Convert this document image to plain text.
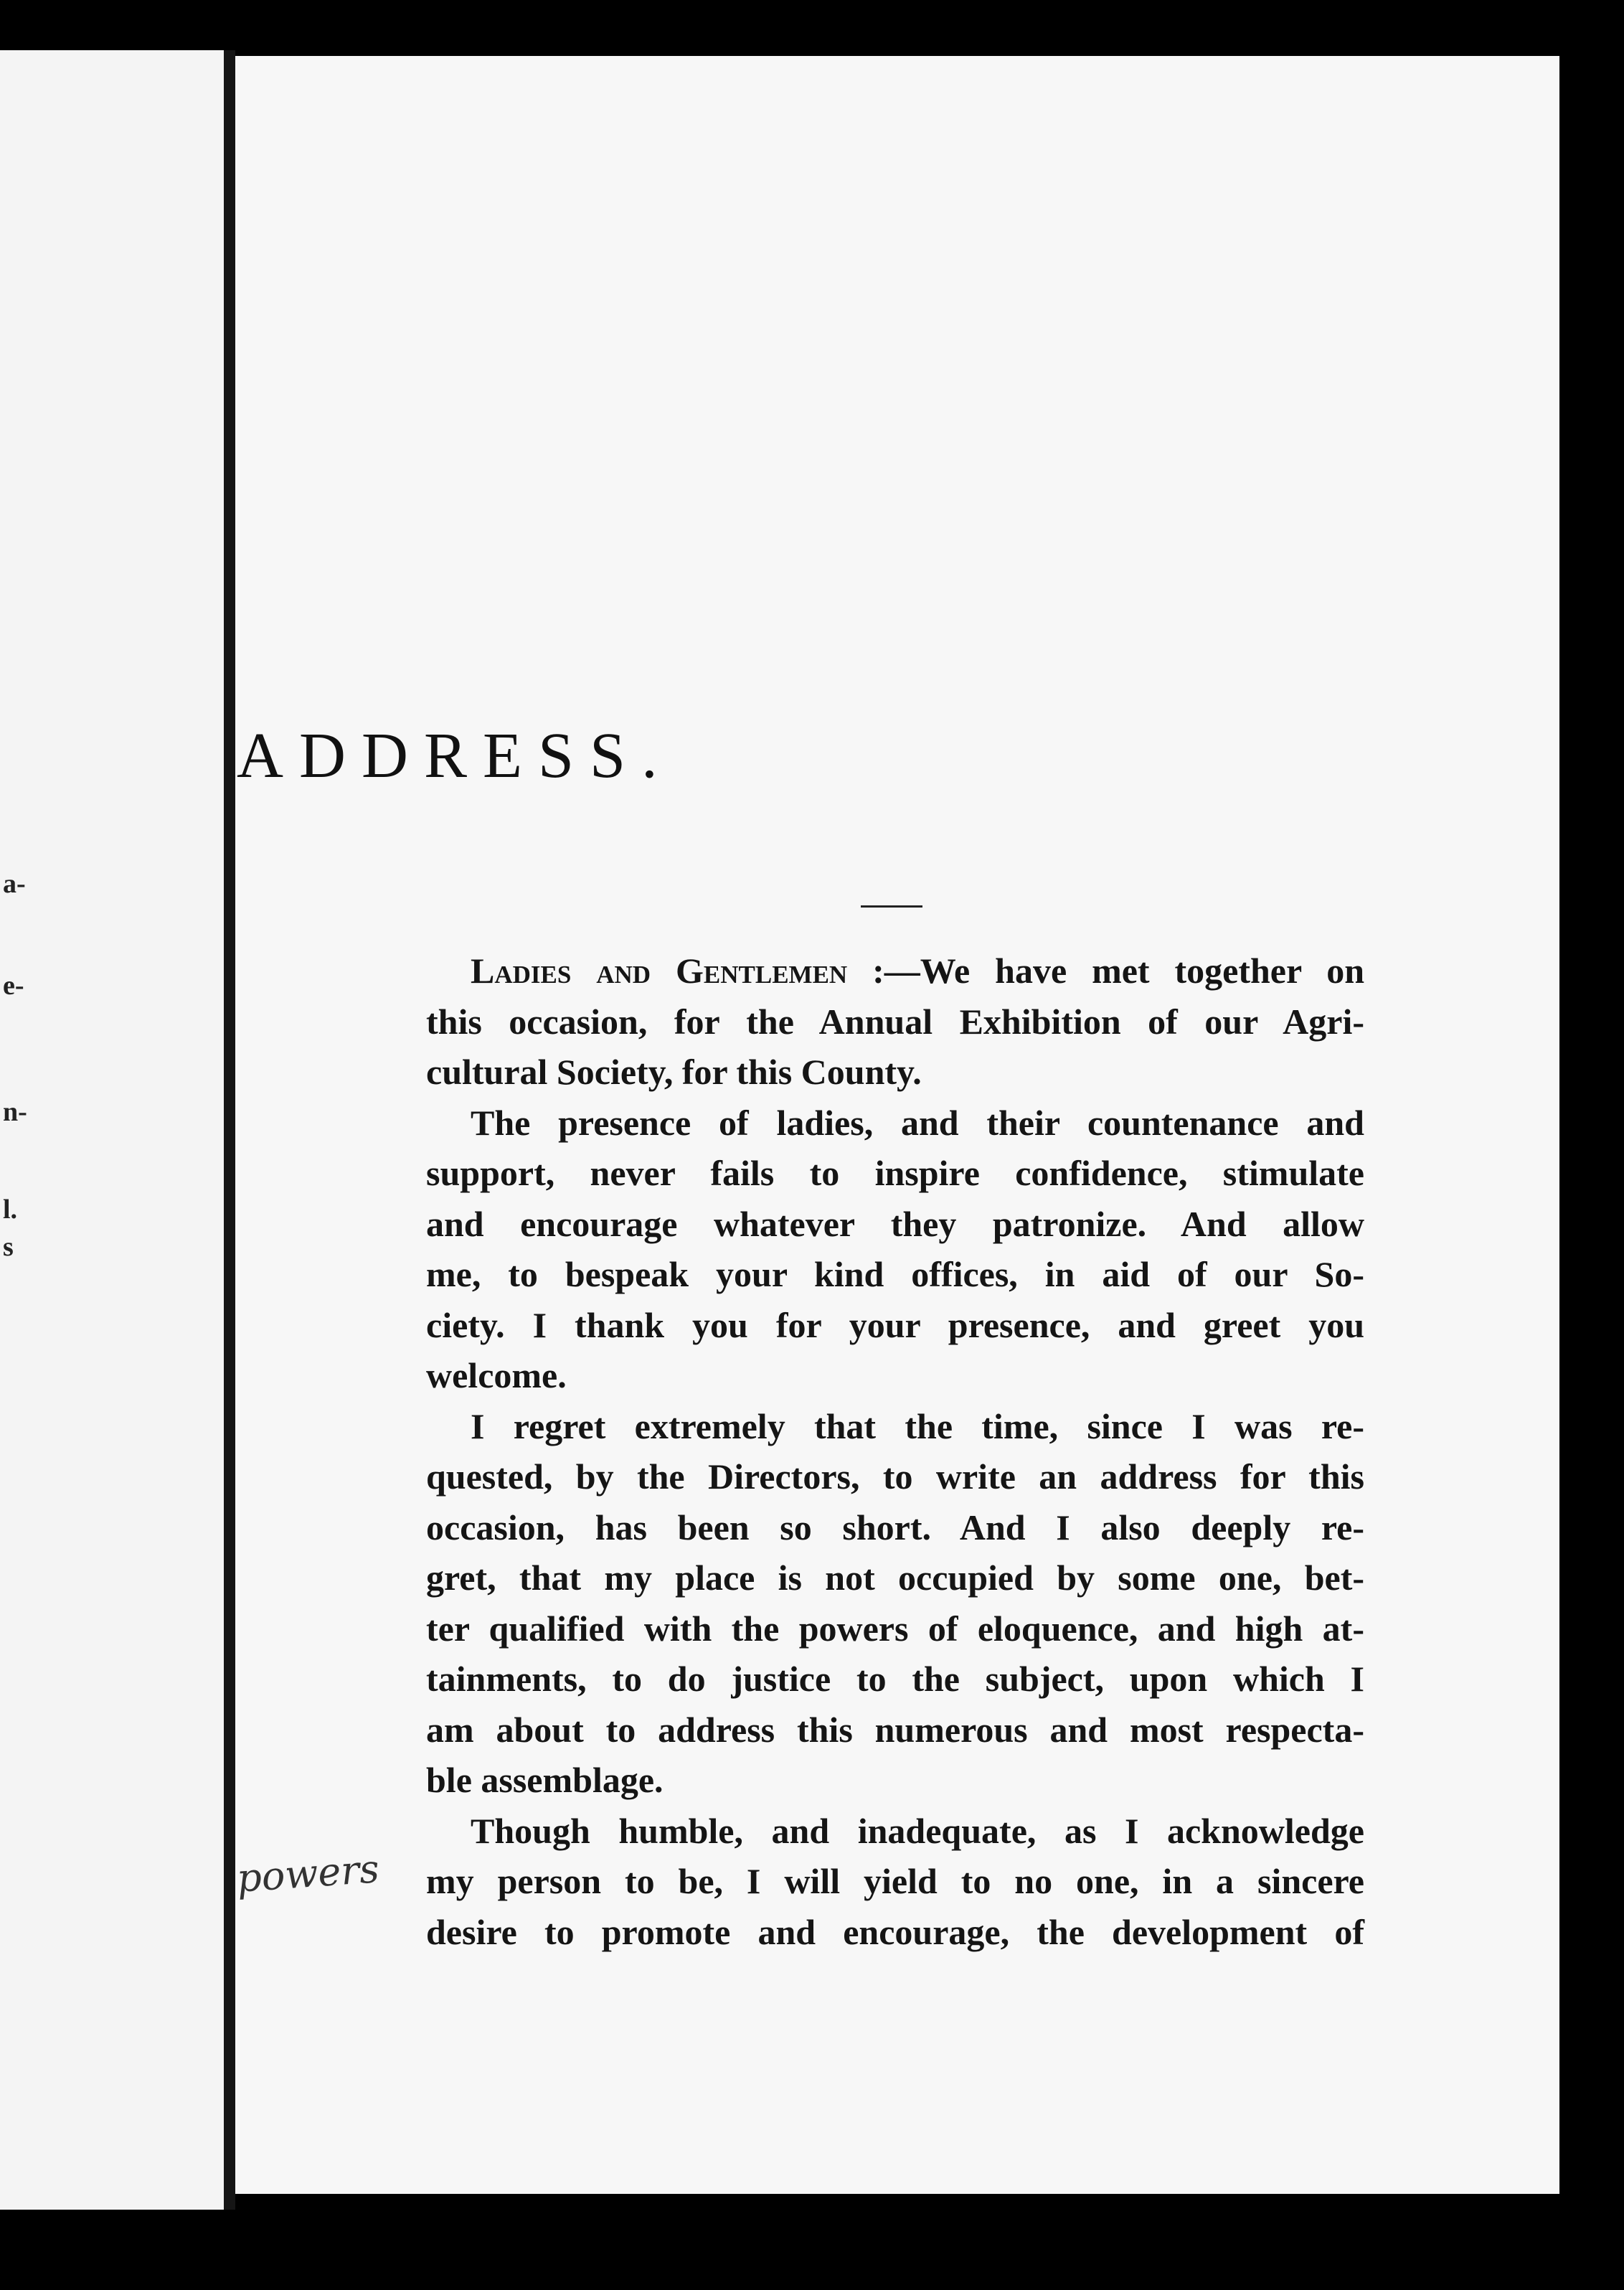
a-
e-
n-
l.
s
ADDRESS.

Ladies and Gentlemen :—We have met together on
this occasion, for the Annual Exhibition of our Agri-
cultural Society, for this County.

The presence of ladies, and their countenance and
support, never fails to inspire confidence, stimulate
and encourage whatever they patronize. And allow
me, to bespeak your kind offices, in aid of our So-
ciety. I thank you for your presence, and greet you
welcome.

I regret extremely that the time, since I was re-
quested, by the Directors, to write an address for this
occasion, has been so short. And I also deeply re-
gret, that my place is not occupied by some one, bet-
ter qualified with the powers of eloquence, and high at-
tainments, to do justice to the subject, upon which I
am about to address this numerous and most respecta-
ble assemblage.

Though humble, and inadequate, as I acknowledge
my person to be, I will yield to no one, in a sincere
desire to promote and encourage, the development of

powers
